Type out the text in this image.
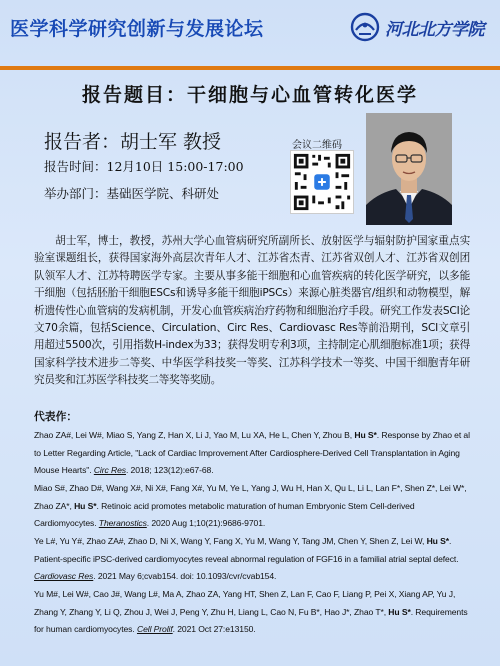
医学科学研究创新与发展论坛	河北北方学院
报告题目：干细胞与心血管转化医学
报告者：胡士军 教授
报告时间：12月10日 15:00-17:00
举办部门：基础医学院、科研处
会议二维码

胡士军，博士，教授，苏州大学心血管病研究所副所长、放射医学与辐射防护国家重点实验室课题组长，获得国家海外高层次青年人才、江苏省杰青、江苏省双创人才、江苏省双创团队领军人才、江苏特聘医学专家。主要从事多能干细胞和心血管疾病的转化医学研究，以多能干细胞（包括胚胎干细胞ESCs和诱导多能干细胞iPSCs）来源心脏类器官/组织和动物模型，解析遗传性心血管病的发病机制，开发心血管疾病治疗药物和细胞治疗手段。研究工作发表SCI论文70余篇，包括Science、Circulation、Circ Res、Cardiovasc Res等前沿期刊，SCI文章引用超过5500次，引用指数H-index为33；获得发明专利3项，主持制定心肌细胞标准1项；获得国家科学技术进步二等奖、中华医学科技奖一等奖、江苏科学技术一等奖、中国干细胞青年研究员奖和江苏医学科技奖二等奖等奖励。

代表作：

Zhao ZA#, Lei W#, Miao S, Yang Z, Han X, Li J, Yao M, Lu XA, He L, Chen Y, Zhou B, Hu S*. Response by Zhao et al to Letter Regarding Article, "Lack of Cardiac Improvement After Cardiosphere-Derived Cell Transplantation in Aging Mouse Hearts". Circ Res. 2018; 123(12):e67-68.

Miao S#, Zhao D#, Wang X#, Ni X#, Fang X#, Yu M, Ye L, Yang J, Wu H, Han X, Qu L, Li L, Lan F*, Shen Z*, Lei W*, Zhao ZA*, Hu S*. Retinoic acid promotes metabolic maturation of human Embryonic Stem Cell-derived Cardiomyocytes. Theranostics. 2020 Aug 1;10(21):9686-9701.

Ye L#, Yu Y#, Zhao ZA#, Zhao D, Ni X, Wang Y, Fang X, Yu M, Wang Y, Tang JM, Chen Y, Shen Z, Lei W, Hu S*. Patient-specific iPSC-derived cardiomyocytes reveal abnormal regulation of FGF16 in a familial atrial septal defect. Cardiovasc Res. 2021 May 6;cvab154. doi: 10.1093/cvr/cvab154.

Yu M#, Lei W#, Cao J#, Wang L#, Ma A, Zhao ZA, Yang HT, Shen Z, Lan F, Cao F, Liang P, Pei X, Xiang AP, Yu J, Zhang Y, Zhang Y, Li Q, Zhou J, Wei J, Peng Y, Zhu H, Liang L, Cao N, Fu B*, Hao J*, Zhao T*, Hu S*. Requirements for human cardiomyocytes. Cell Prolif. 2021 Oct 27:e13150.
